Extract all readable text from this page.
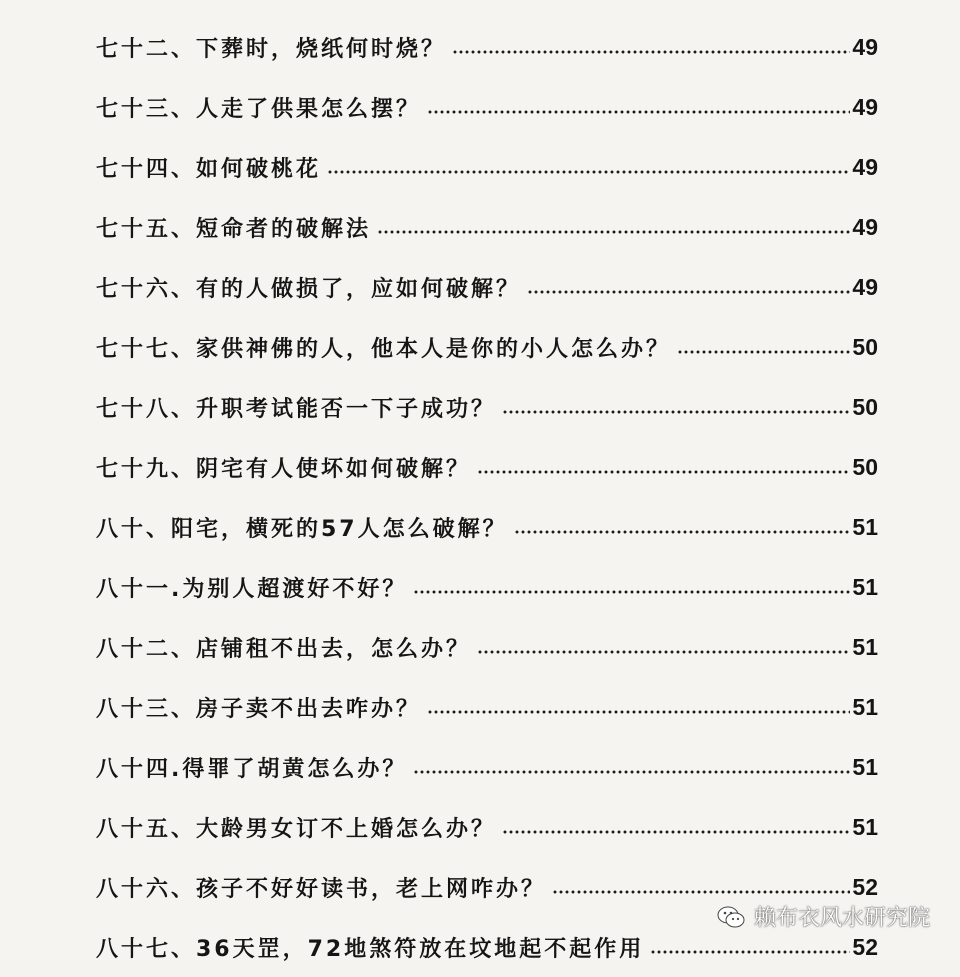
七十二、下葬时，烧纸何时烧？	49
七十三、人走了供果怎么摆？	49
七十四、如何破桃花	49
七十五、短命者的破解法	49
七十六、有的人做损了，应如何破解？	49
七十七、家供神佛的人，他本人是你的小人怎么办？	50
七十八、升职考试能否一下子成功？	50
七十九、阴宅有人使坏如何破解？	50
八十、阳宅，横死的57人怎么破解？	51
八十一.为别人超渡好不好？	51
八十二、店铺租不出去，怎么办？	51
八十三、房子卖不出去咋办？	51
八十四.得罪了胡黄怎么办？	51
八十五、大龄男女订不上婚怎么办？	51
八十六、孩子不好好读书，老上网咋办？	52
八十七、36天罡，72地煞符放在坟地起不起作用	52
赖布衣风水研究院
